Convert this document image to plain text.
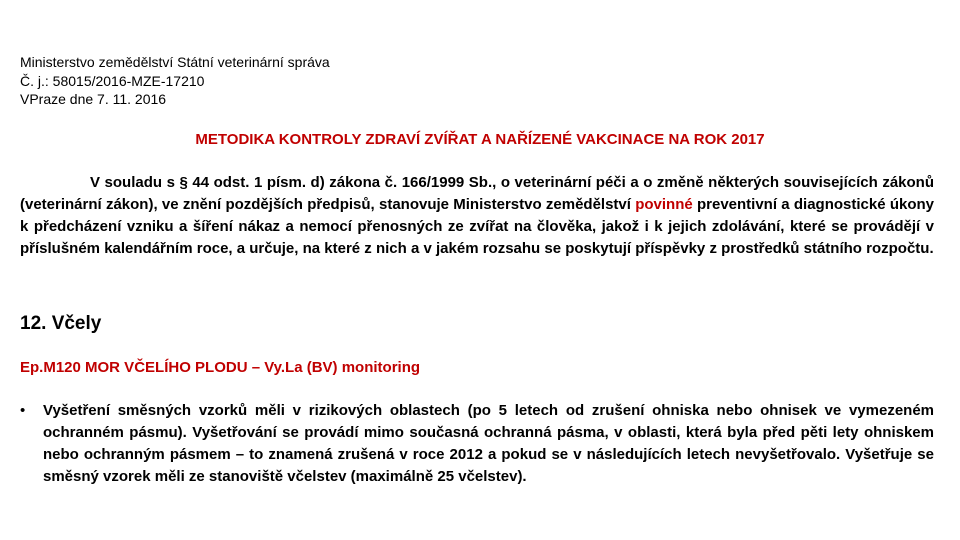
Ministerstvo zemědělství Státní veterinární správa
Č. j.: 58015/2016-MZE-17210
VPraze dne 7. 11. 2016
METODIKA KONTROLY ZDRAVÍ ZVÍŘAT A NAŘÍZENÉ VAKCINACE NA ROK 2017
V souladu s § 44 odst. 1 písm. d) zákona č. 166/1999 Sb., o veterinární péči a o změně některých souvisejících zákonů (veterinární zákon), ve znění pozdějších předpisů, stanovuje Ministerstvo zemědělství povinné preventivní a diagnostické úkony k předcházení vzniku a šíření nákaz a nemocí přenosných ze zvířat na člověka, jakož i k jejich zdolávání, které se provádějí v příslušném kalendářním roce, a určuje, na které z nich a v jakém rozsahu se poskytují příspěvky z prostředků státního rozpočtu.
12. Včely
Ep.M120 MOR VČELÍHO PLODU – Vy.La (BV) monitoring
• Vyšetření směsných vzorků měli v rizikových oblastech (po 5 letech od zrušení ohniska nebo ohnisek ve vymezeném ochranném pásmu). Vyšetřování se provádí mimo současná ochranná pásma, v oblasti, která byla před pěti lety ohniskem nebo ochranným pásmem – to znamená zrušená v roce 2012 a pokud se v následujících letech nevyšetřovalo. Vyšetřuje se směsný vzorek měli ze stanoviště včelstev (maximálně 25 včelstev).
